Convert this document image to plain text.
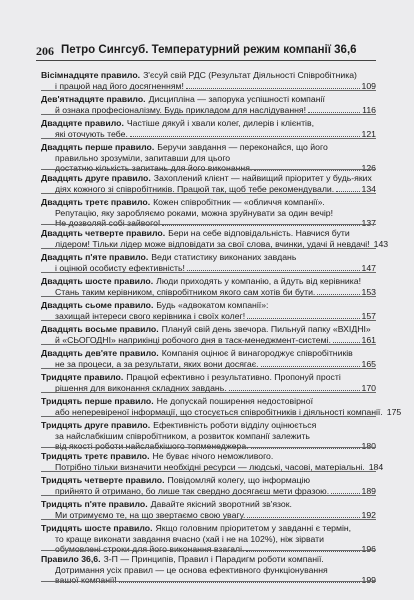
206 Петро Сингсуб. Температурний режим компанії 36,6
Вісімнадцяте правило. З'єсуй свій РДС (Результат Діяльності Співробітника)
і працюй над його досягненням!	109
Дев'ятнадцяте правило. Дисципліна — запорука успішності компанії
й ознака професіоналізму. Будь прикладом для наслідування!	116
Двадцяте правило. Частіше дякуй і хвали колег, дилерів і клієнтів,
які оточують тебе.	121
Двадцять перше правило. Беручи завдання — переконайся, що його
правильно зрозуміли, запитавши для цього
достатню кількість запитань для його виконання.	126
Двадцять друге правило. Захоплений клієнт — найвищий пріоритет у будь-яких
діях кожного зі співробітників. Працюй так, щоб тебе рекомендували.	134
Двадцять третє правило. Кожен співробітник — «обличчя компанії».
Репутацію, яку заробляємо роками, можна зруйнувати за один вечір!
Не дозволяй собі зайвого!	137
Двадцять четверте правило. Бери на себе відповідальність. Навчися бути
лідером! Тільки лідер може відповідати за свої слова, вчинки, удачі й невдачі! 143
Двадцять п'яте правило. Веди статистику виконаних завдань
і оцінюй особисту ефективність!	147
Двадцять шосте правило. Люди приходять у компанію, а йдуть від керівника!
Стань таким керівником, співробітником якого сам хотів би бути.	153
Двадцять сьоме правило. Будь «адвокатом компанії»:
захищай інтереси свого керівника і своїх колег!	157
Двадцять восьме правило. Плануй свій день звечора. Пильнуй папку «ВХІДНІ»
й «СЬОГОДНІ» наприкінці робочого дня в таск-менеджмент-системі.	161
Двадцять дев'яте правило. Компанія оцінює й винагороджує співробітників
не за процеси, а за результати, яких вони досягає.	165
Тридцяте правило. Працюй ефективно і результативно. Пропонуй прості
рішення для виконання складних завдань.	170
Тридцять перше правило. Не допускай поширення недостовірної
або неперевіреної інформації, що стосується співробітників і діяльності компанії. 175
Тридцять друге правило. Ефективність роботи відділу оцінюється
за найслабкішим співробітником, а розвиток компанії залежить
від якості роботи найслабкішого топменеджера.	180
Тридцять третє правило. Не буває нічого неможливого.
Потрібно тільки визначити необхідні ресурси — людські, часові, матеріальні. 184
Тридцять четверте правило. Повідомляй колегу, що інформацію
прийнято й отримано, бо лише так свердно досягаєш мети фразою.	189
Тридцять п'яте правило. Давайте якісний зворотний зв'язок.
Ми отримуємо те, на що звертаємо свою увагу.	192
Тридцять шосте правило. Якщо головним пріоритетом у завданні є термін,
то краще виконати завдання вчасно (хай і не на 102%), ніж зірвати
обумовлені строки для його виконання взагалі.	196
Правило 36,6. З-П — Принципів, Правил і Парадигм роботи компанії.
Дотримання усіх правил — це основа ефективного функціонування
вашої компанії!	199
